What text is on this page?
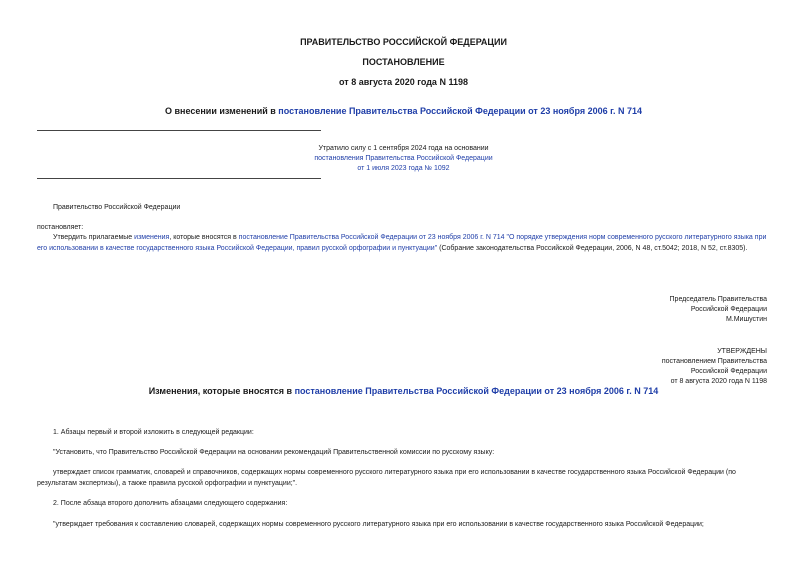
ПРАВИТЕЛЬСТВО РОССИЙСКОЙ ФЕДЕРАЦИИ
ПОСТАНОВЛЕНИЕ
от 8 августа 2020 года N 1198
О внесении изменений в постановление Правительства Российской Федерации от 23 ноября 2006 г. N 714
Утратило силу с 1 сентября 2024 года на основании
постановления Правительства Российской Федерации
от 1 июля 2023 года № 1092
Правительство Российской Федерации
постановляет:
Утвердить прилагаемые изменения, которые вносятся в постановление Правительства Российской Федерации от 23 ноября 2006 г. N 714 "О порядке утверждения норм современного русского литературного языка при его использовании в качестве государственного языка Российской Федерации, правил русской орфографии и пунктуации" (Собрание законодательства Российской Федерации, 2006, N 48, ст.5042; 2018, N 52, ст.8305).
Председатель Правительства
Российской Федерации
М.Мишустин
УТВЕРЖДЕНЫ
постановлением Правительства
Российской Федерации
от 8 августа 2020 года N 1198
Изменения, которые вносятся в постановление Правительства Российской Федерации от 23 ноября 2006 г. N 714
1. Абзацы первый и второй изложить в следующей редакции:
"Установить, что Правительство Российской Федерации на основании рекомендаций Правительственной комиссии по русскому языку:
утверждает список грамматик, словарей и справочников, содержащих нормы современного русского литературного языка при его использовании в качестве государственного языка Российской Федерации (по результатам экспертизы), а также правила русской орфографии и пунктуации;".
2. После абзаца второго дополнить абзацами следующего содержания:
"утверждает требования к составлению словарей, содержащих нормы современного русского литературного языка при его использовании в качестве государственного языка Российской Федерации;
